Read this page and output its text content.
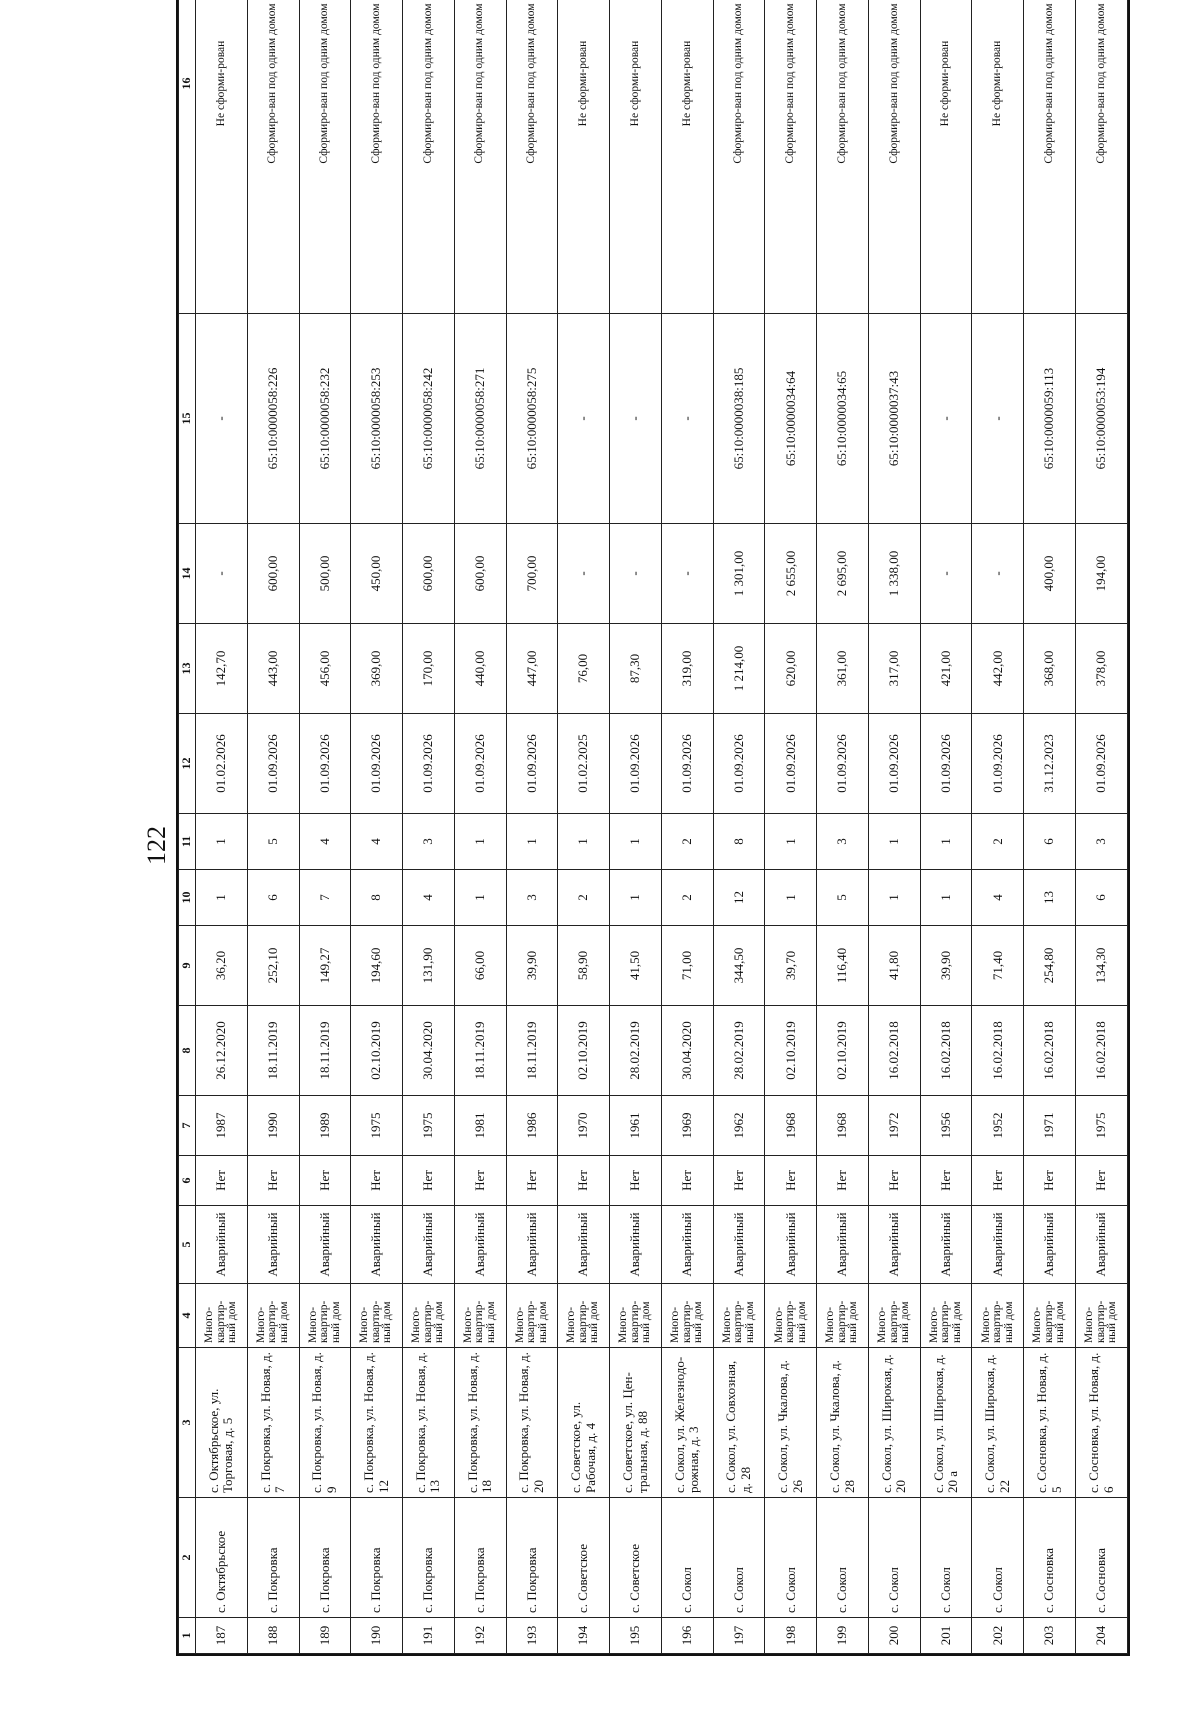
122
1	2	3	4	5	6	7	8	9	10	11	12	13	14	15	16
187	с. Октябрьское	с. Октябрьское, ул. Торговая, д. 5	Много-квартир-ный дом	Аварийный	Нет	1987	26.12.2020	36,20	1	1	01.02.2026	142,70	-	-	Не сформи-рован
188	с. Покровка	с. Покровка, ул. Новая, д. 7	Много-квартир-ный дом	Аварийный	Нет	1990	18.11.2019	252,10	6	5	01.09.2026	443,00	600,00	65:10:0000058:226	Сформиро-ван под одним домом
189	с. Покровка	с. Покровка, ул. Новая, д. 9	Много-квартир-ный дом	Аварийный	Нет	1989	18.11.2019	149,27	7	4	01.09.2026	456,00	500,00	65:10:0000058:232	Сформиро-ван под одним домом
190	с. Покровка	с. Покровка, ул. Новая, д. 12	Много-квартир-ный дом	Аварийный	Нет	1975	02.10.2019	194,60	8	4	01.09.2026	369,00	450,00	65:10:0000058:253	Сформиро-ван под одним домом
191	с. Покровка	с. Покровка, ул. Новая, д. 13	Много-квартир-ный дом	Аварийный	Нет	1975	30.04.2020	131,90	4	3	01.09.2026	170,00	600,00	65:10:0000058:242	Сформиро-ван под одним домом
192	с. Покровка	с. Покровка, ул. Новая, д. 18	Много-квартир-ный дом	Аварийный	Нет	1981	18.11.2019	66,00	1	1	01.09.2026	440,00	600,00	65:10:0000058:271	Сформиро-ван под одним домом
193	с. Покровка	с. Покровка, ул. Новая, д. 20	Много-квартир-ный дом	Аварийный	Нет	1986	18.11.2019	39,90	3	1	01.09.2026	447,00	700,00	65:10:0000058:275	Сформиро-ван под одним домом
194	с. Советское	с. Советское, ул. Рабочая, д. 4	Много-квартир-ный дом	Аварийный	Нет	1970	02.10.2019	58,90	2	1	01.02.2025	76,00	-	-	Не сформи-рован
195	с. Советское	с. Советское, ул. Цен-тральная, д. 88	Много-квартир-ный дом	Аварийный	Нет	1961	28.02.2019	41,50	1	1	01.09.2026	87,30	-	-	Не сформи-рован
196	с. Сокол	с. Сокол, ул. Железнодо-рожная, д. 3	Много-квартир-ный дом	Аварийный	Нет	1969	30.04.2020	71,00	2	2	01.09.2026	319,00	-	-	Не сформи-рован
197	с. Сокол	с. Сокол, ул. Совхозная, д. 28	Много-квартир-ный дом	Аварийный	Нет	1962	28.02.2019	344,50	12	8	01.09.2026	1 214,00	1 301,00	65:10:0000038:185	Сформиро-ван под одним домом
198	с. Сокол	с. Сокол, ул. Чкалова, д. 26	Много-квартир-ный дом	Аварийный	Нет	1968	02.10.2019	39,70	1	1	01.09.2026	620,00	2 655,00	65:10:0000034:64	Сформиро-ван под одним домом
199	с. Сокол	с. Сокол, ул. Чкалова, д. 28	Много-квартир-ный дом	Аварийный	Нет	1968	02.10.2019	116,40	5	3	01.09.2026	361,00	2 695,00	65:10:0000034:65	Сформиро-ван под одним домом
200	с. Сокол	с. Сокол, ул. Широкая, д. 20	Много-квартир-ный дом	Аварийный	Нет	1972	16.02.2018	41,80	1	1	01.09.2026	317,00	1 338,00	65:10:0000037:43	Сформиро-ван под одним домом
201	с. Сокол	с. Сокол, ул. Широкая, д. 20 а	Много-квартир-ный дом	Аварийный	Нет	1956	16.02.2018	39,90	1	1	01.09.2026	421,00	-	-	Не сформи-рован
202	с. Сокол	с. Сокол, ул. Широкая, д. 22	Много-квартир-ный дом	Аварийный	Нет	1952	16.02.2018	71,40	4	2	01.09.2026	442,00	-	-	Не сформи-рован
203	с. Сосновка	с. Сосновка, ул. Новая, д. 5	Много-квартир-ный дом	Аварийный	Нет	1971	16.02.2018	254,80	13	6	31.12.2023	368,00	400,00	65:10:0000059:113	Сформиро-ван под одним домом
204	с. Сосновка	с. Сосновка, ул. Новая, д. 6	Много-квартир-ный дом	Аварийный	Нет	1975	16.02.2018	134,30	6	3	01.09.2026	378,00	194,00	65:10:0000053:194	Сформиро-ван под одним домом
